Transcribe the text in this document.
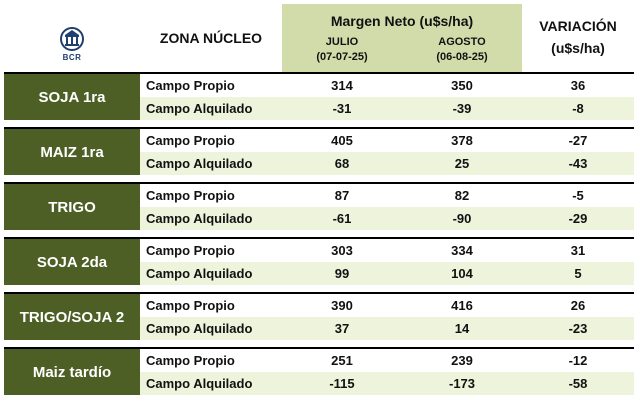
BCR
ZONA NÚCLEO
Margen Neto (u$s/ha)
JULIO
(07-07-25)
AGOSTO
(06-08-25)
VARIACIÓN
(u$s/ha)
SOJA 1ra
Campo Propio	314	350	36
Campo Alquilado	-31	-39	-8
MAIZ 1ra
Campo Propio	405	378	-27
Campo Alquilado	68	25	-43
TRIGO
Campo Propio	87	82	-5
Campo Alquilado	-61	-90	-29
SOJA 2da
Campo Propio	303	334	31
Campo Alquilado	99	104	5
TRIGO/SOJA 2
Campo Propio	390	416	26
Campo Alquilado	37	14	-23
Maiz tardío
Campo Propio	251	239	-12
Campo Alquilado	-115	-173	-58
